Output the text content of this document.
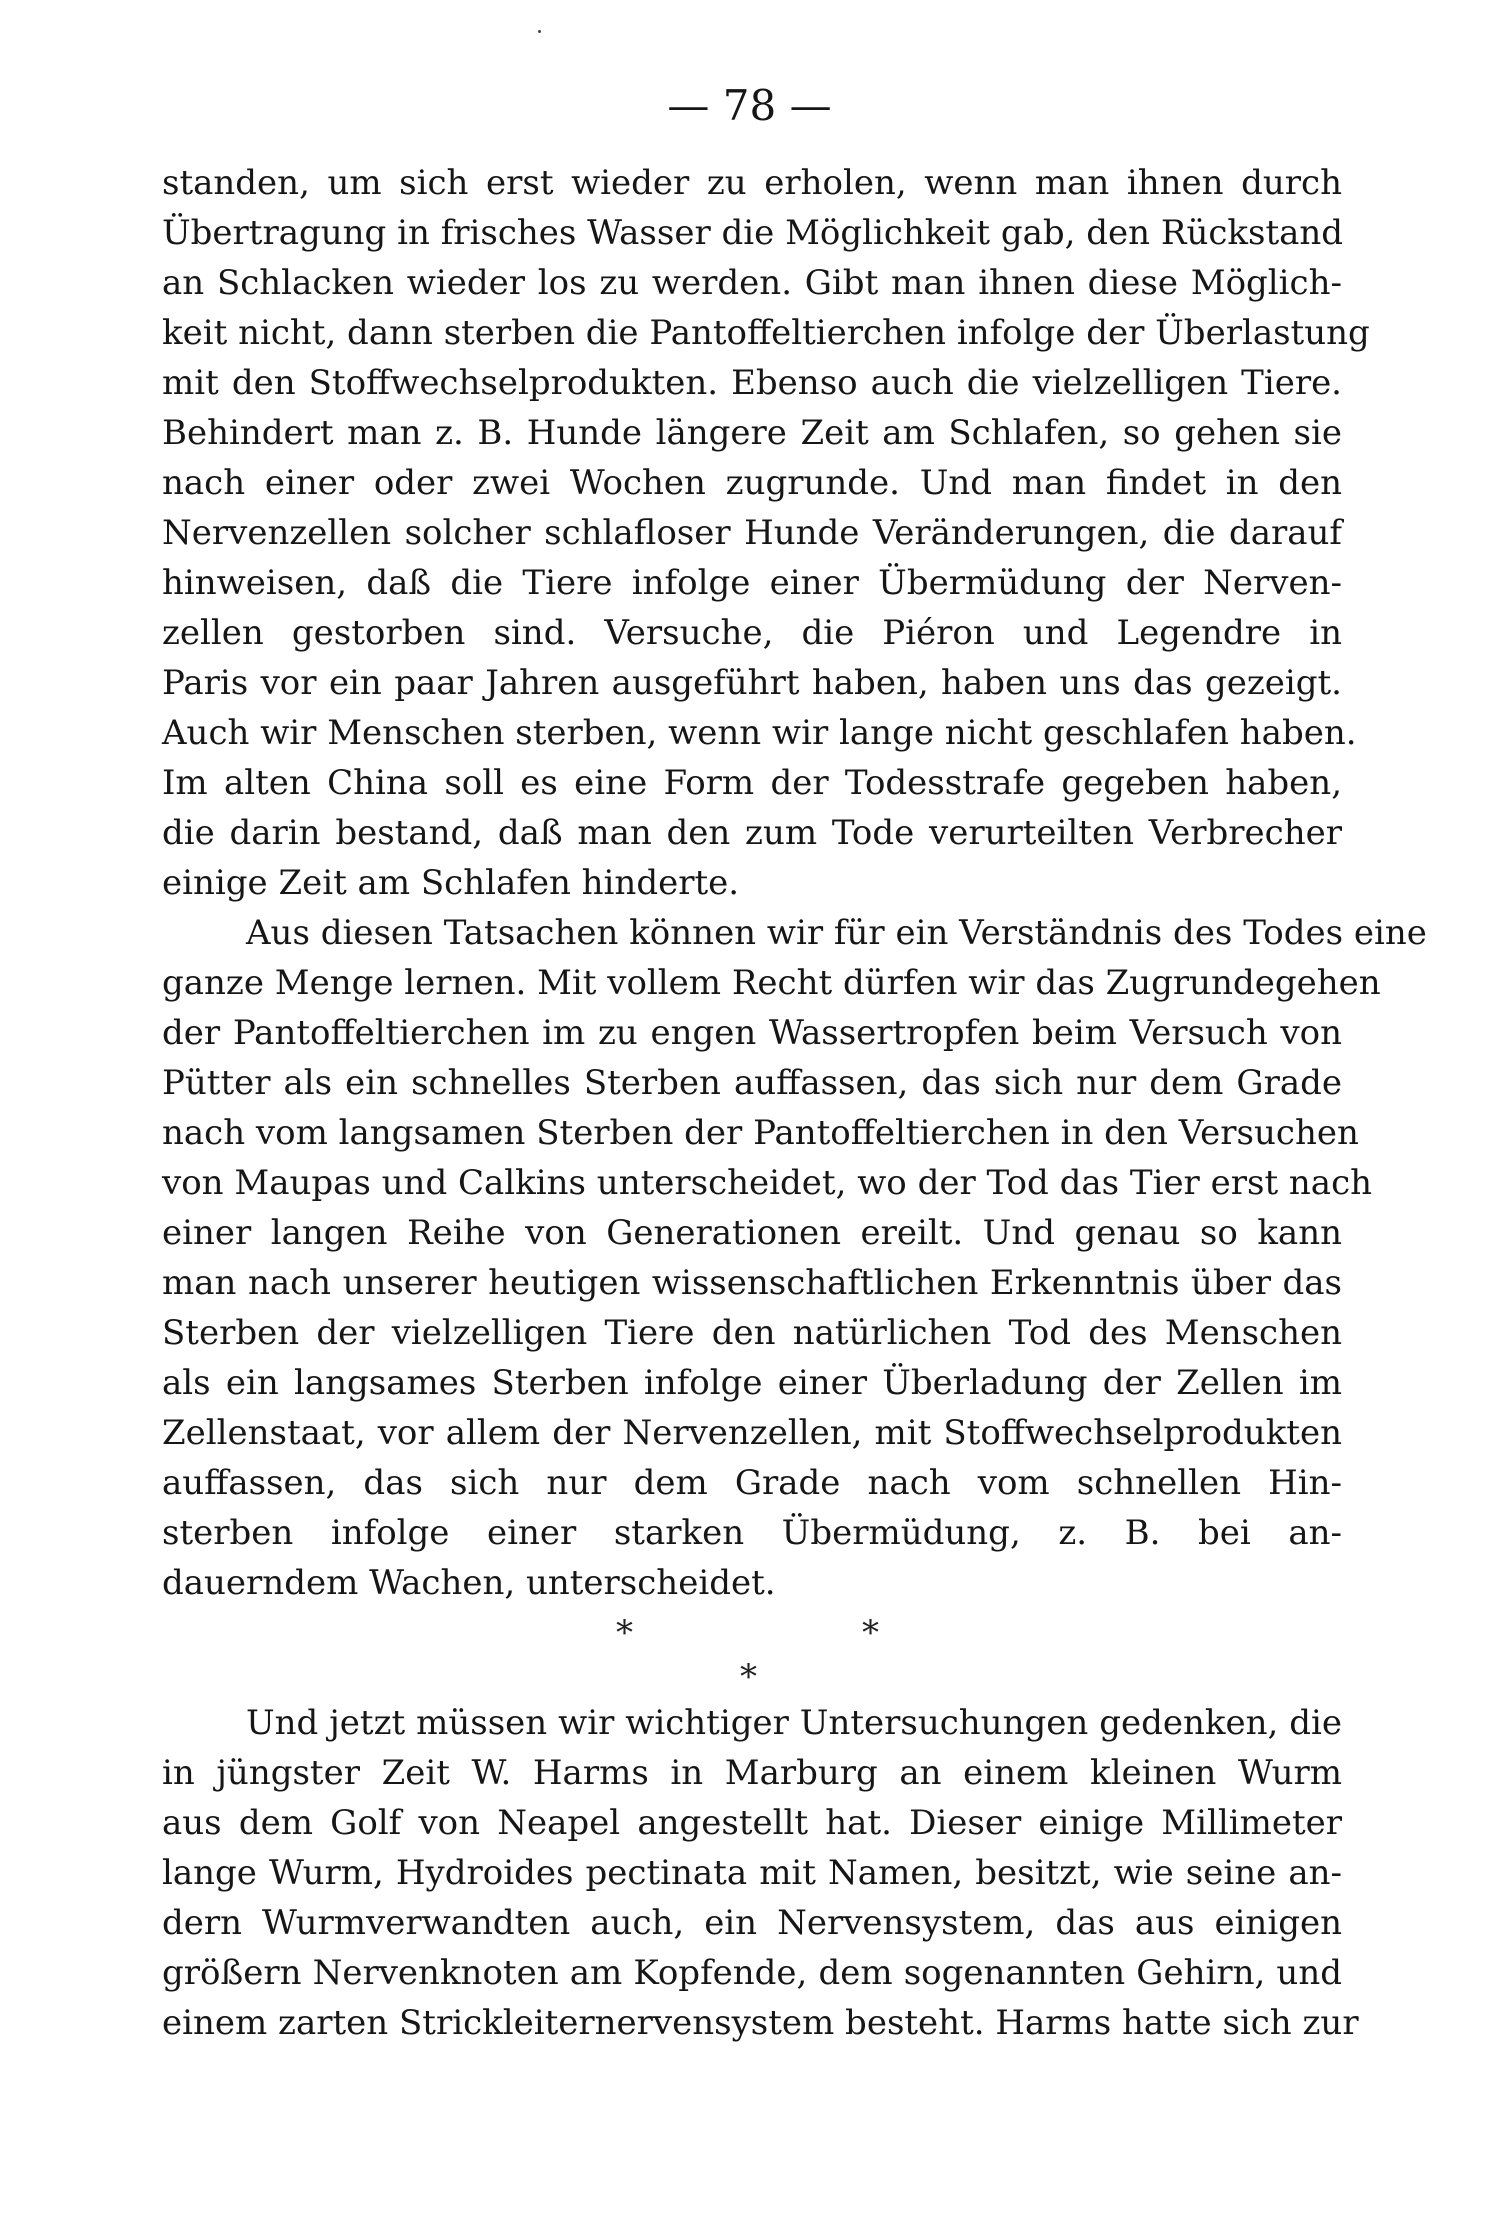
— 78 —
standen, um sich erst wieder zu erholen, wenn man ihnen durch
Übertragung in frisches Wasser die Möglichkeit gab, den Rückstand
an Schlacken wieder los zu werden. Gibt man ihnen diese Möglich-
keit nicht, dann sterben die Pantoffeltierchen infolge der Überlastung
mit den Stoffwechselprodukten. Ebenso auch die vielzelligen Tiere.
Behindert man z. B. Hunde längere Zeit am Schlafen, so gehen sie
nach einer oder zwei Wochen zugrunde. Und man findet in den
Nervenzellen solcher schlafloser Hunde Veränderungen, die darauf
hinweisen, daß die Tiere infolge einer Übermüdung der Nerven-
zellen gestorben sind. Versuche, die Piéron und Legendre in
Paris vor ein paar Jahren ausgeführt haben, haben uns das gezeigt.
Auch wir Menschen sterben, wenn wir lange nicht geschlafen haben.
Im alten China soll es eine Form der Todesstrafe gegeben haben,
die darin bestand, daß man den zum Tode verurteilten Verbrecher
einige Zeit am Schlafen hinderte.
Aus diesen Tatsachen können wir für ein Verständnis des Todes eine
ganze Menge lernen. Mit vollem Recht dürfen wir das Zugrundegehen
der Pantoffeltierchen im zu engen Wassertropfen beim Versuch von
Pütter als ein schnelles Sterben auffassen, das sich nur dem Grade
nach vom langsamen Sterben der Pantoffeltierchen in den Versuchen
von Maupas und Calkins unterscheidet, wo der Tod das Tier erst nach
einer langen Reihe von Generationen ereilt. Und genau so kann
man nach unserer heutigen wissenschaftlichen Erkenntnis über das
Sterben der vielzelligen Tiere den natürlichen Tod des Menschen
als ein langsames Sterben infolge einer Überladung der Zellen im
Zellenstaat, vor allem der Nervenzellen, mit Stoffwechselprodukten
auffassen, das sich nur dem Grade nach vom schnellen Hin-
sterben infolge einer starken Übermüdung, z. B. bei an-
dauerndem Wachen, unterscheidet.
*	*
*
Und jetzt müssen wir wichtiger Untersuchungen gedenken, die
in jüngster Zeit W. Harms in Marburg an einem kleinen Wurm
aus dem Golf von Neapel angestellt hat. Dieser einige Millimeter
lange Wurm, Hydroides pectinata mit Namen, besitzt, wie seine an-
dern Wurmverwandten auch, ein Nervensystem, das aus einigen
größern Nervenknoten am Kopfende, dem sogenannten Gehirn, und
einem zarten Strickleiternervensystem besteht. Harms hatte sich zur
